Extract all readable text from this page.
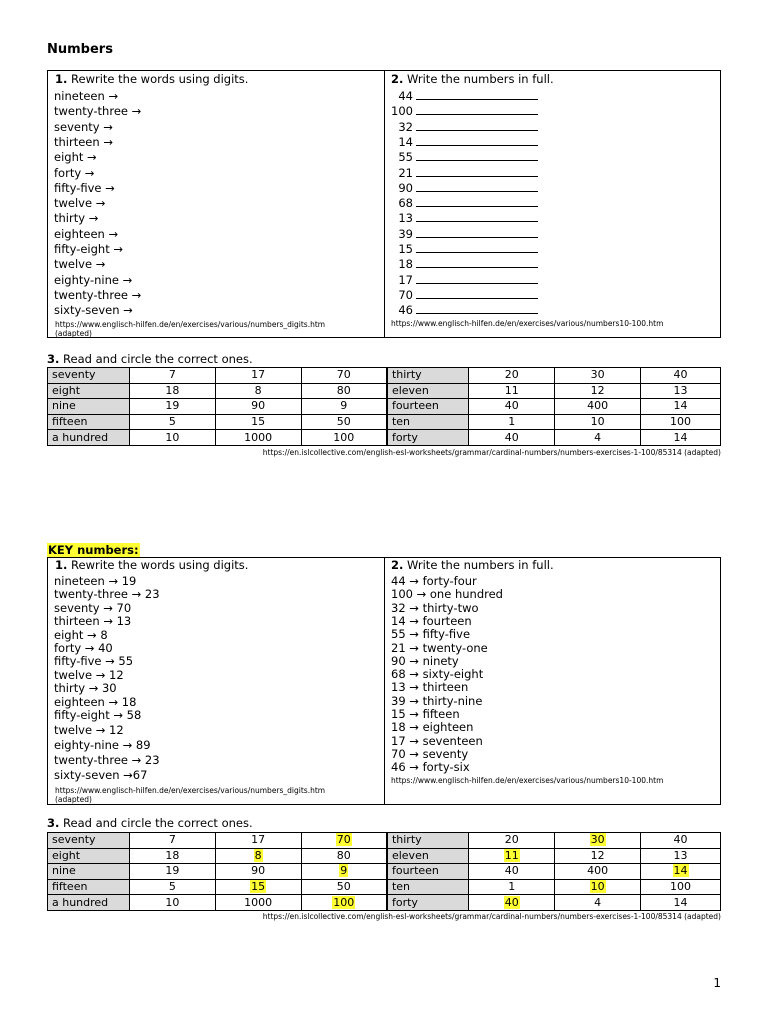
Numbers
1. Rewrite the words using digits.
nineteen →
twenty-three →
seventy →
thirteen →
eight →
forty →
fifty-five →
twelve →
thirty →
eighteen →
fifty-eight →
twelve →
eighty-nine →
twenty-three →
sixty-seven →
https://www.englisch-hilfen.de/en/exercises/various/numbers_digits.htm
(adapted)
2. Write the numbers in full.
44
100
32
14
55
21
90
68
13
39
15
18
17
70
46
https://www.englisch-hilfen.de/en/exercises/various/numbers10-100.htm
3. Read and circle the correct ones.
seventy	7	17	70	thirty	20	30	40
eight	18	8	80	eleven	11	12	13
nine	19	90	9	fourteen	40	400	14
fifteen	5	15	50	ten	1	10	100
a hundred	10	1000	100	forty	40	4	14
https://en.islcollective.com/english-esl-worksheets/grammar/cardinal-numbers/numbers-exercises-1-100/85314 (adapted)
KEY numbers:
1. Rewrite the words using digits.
nineteen → 19
twenty-three → 23
seventy → 70
thirteen → 13
eight → 8
forty → 40
fifty-five → 55
twelve → 12
thirty → 30
eighteen → 18
fifty-eight → 58
twelve → 12
eighty-nine → 89
twenty-three → 23
sixty-seven →67
https://www.englisch-hilfen.de/en/exercises/various/numbers_digits.htm
(adapted)
2. Write the numbers in full.
44 → forty-four
100 → one hundred
32 → thirty-two
14 → fourteen
55 → fifty-five
21 → twenty-one
90 → ninety
68 → sixty-eight
13 → thirteen
39 → thirty-nine
15 → fifteen
18 → eighteen
17 → seventeen
70 → seventy
46 → forty-six
https://www.englisch-hilfen.de/en/exercises/various/numbers10-100.htm
3. Read and circle the correct ones.
seventy	7	17	70	thirty	20	30	40
eight	18	8	80	eleven	11	12	13
nine	19	90	9	fourteen	40	400	14
fifteen	5	15	50	ten	1	10	100
a hundred	10	1000	100	forty	40	4	14
https://en.islcollective.com/english-esl-worksheets/grammar/cardinal-numbers/numbers-exercises-1-100/85314 (adapted)
1
